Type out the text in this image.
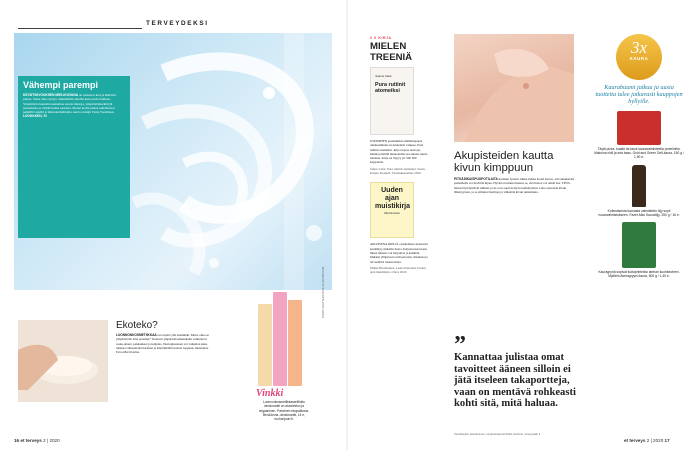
TERVEYDEKSI
Vähempi parempi
KEVÄTSIIVOUKSEN MIELIKUVANA on tuoksuva koti ja kiiltävät pinnat. Sama tulos syntyy vähemmillä aineilla kuin usein luullaan. Ympäristön kannalta kannattaa suosia mietoja, ympäristömerkittyjä pesuaineita ja välttää turhia tuotteita. Monet kodin pinnat puhdistuvat pelkällä vedellä ja mikrokuituliinalla, kertoo tutkija Tuula Tuominen. LUOKKKEN, SI
Ekoteko?
LUONNONKOSMETIIKKAA on tarjolla yhä enemmän. Mutta onko se ympäristölle aina parempi? Tuotteen ympäristövaikutuksiin vaikuttavat raaka-aineet, pakkaukset ja kuljetus. Ekologisuuteen voi vaikuttaa kuka tahansa valitsemalla harkiten ja käyttämällä tuotteet loppuun, muistuttaa Eeva-Mari Karine.
Vinkki
Luonnonkosmetiikkasertifioitu deodorantti on alumiiniton ja vegaaninen. Pahvinen ekopakkaus. Ben&Anna -deodorantti, 14 e, ruohonjuuri.fi.
KUVAT: SHUTTERSTOCK JA VALMISTAJAT
16 et terveys 2 | 2020
2 X KIRJA
MIELEN TREENIÄ
Jeanne Clear
Pura rutiinit atomeiksi
USEIMPIEN paremmiksi elämäntapojen omaksuminen on tunnetusti vaikeaa. Pura rutiinit atomeiksi -kirja tarjoaa neuvoja, kuinka pienillä muutoksilla saa aikaan suuria tuloksia. Kirja on myyty yli 500 000 kappaletta.
James Clear: Pura rutiinit atomeiksi. Suom. Kasper Koskela. Tuumakustannus 2020.
Uuden ajan muistikirja
Ulla Kinnunen
AIKUISENA KIELIÄ opiskellessa tietoisesti kerääntyy muistiin tietoa. Kirjassa kerrotaan, miten muistia voi harjoittaa ja kehittää. Muistin ylläpitoon tarvitaan unta, liikuntaa ja terveellistä ruokavaliota.
Minna Huotilainen, Leena Peltonen: Uuden ajan muistikirja. Otava 2020.
Akupisteiden kautta kivun kimppuun
PITKÄÄIKAISPUOPOTILAITA hoitanut fysiatri Jukka-Pekka Kouri kertoo, että akupisteitä painamalla voi lievittää kipua. Hyvää on muun muassa se, että hoitoa voi tehdä itse. TENS-laitteet hyödyntävät sähköä, ja ne ovat sopivia myös kotikäyttöön. Laite asetetaan kivun läheisyyteen, ja se stimuloi hermoja ja vähentää kivun tuntemusta.
”
Kannattaa julistaa omat tavoitteet ääneen silloin ei jätä itseleen takaportteja, vaan on mentävä rohkeasti kohti sitä, mitä haluaa.
Tavoitteiden asettaminen, psykoterapeutti Päivi Grahnin, terveystalo.fi
3x
KAURA
Kaurabuumi jatkuu ja uusia tuotteita tulee jatkuvasti kauppojen hyllyille.
Täytä pizza, toastit tai tacot kauravalmisteella proteiinilla. Makuina chili ja sea bass. Gold and Green Dell-kaura, 150 g / 1,90 e.
Kotimaisesta kaurasta valmistettu öljy sopii ruoanvalmistukseen. Fazer Alku Kauraöljy, 250 g / 16 e.
Kauragrynä sopivat kuituprinteiksi aterian kuohkeuteen. Myllärin Ateriagryyni kaura, 500 g / 1,40 e.
et terveys 2 | 2020 17
